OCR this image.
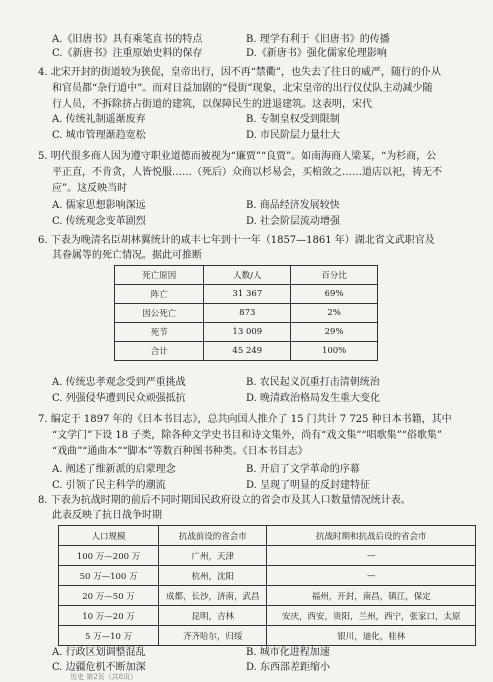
A.《旧唐书》具有乘笔直书的特点	B. 理学有利于《旧唐书》的传播
C.《新唐书》注重原始史料的保存	D.《新唐书》强化儒家伦理影响
4. 北宋开封的街道较为狭促，皇帝出行，因不再“禁衢”，也失去了往日的威严，随行的仆从
和官员都“杂行道中”。而对日益加剧的“侵街”现象，北宋皇帝的出行仪仗队主动减少随
行人员，不拆除挤占街道的建筑，以保障民生的进退建筑。这表明，宋代
A. 传统礼制遥渐废弃	B. 专制皇权受到限制
C. 城市管理渐趋宽松	D. 市民阶层力量壮大
5. 明代很多商人因为遵守职业道德而被视为“廉贾”“良贾”。如南海商人梁某，“为杉商，公
平正直，不肯贪，人皆悦服……（死后）众商以杉易会，买棺敛之……道店以祀，祷无不
应”。这反映当时
A. 儒家思想影响深远	B. 商品经济发展较快
C. 传统观念变革剧烈	D. 社会阶层流动增强
6. 下表为晚清名臣胡林翼统计的咸丰七年到十一年（1857—1861 年）湖北省文武职官及
其眷属等的死亡情况。据此可推断
死亡原因	人数/人	百分比
阵亡	31 367	69%
因公死亡	873	2%
死节	13 009	29%
合计	45 249	100%
A. 传统忠孝观念受到严重挑战	B. 农民起义沉重打击清朝统治
C. 列强侵华遭到民众顽强抵抗	D. 晚清政治格局发生重大变化
7. 编定于 1897 年的《日本书目志》，总共向国人推介了 15 门共计 7 725 种日本书籍，其中
“文学门”下设 18 子类，除各种文学史书目和诗文集外，尚有“戏文集”“唱歌集”“俗歌集”
“戏曲”“通曲本”“脚本”等数百种图书种类。《日本书目志》
A. 阐述了维新派的启蒙理念	B. 开启了文学革命的序幕
C. 引领了民主科学的潮流	D. 呈现了明显的反封建特征
8. 下表为抗战时期的前后不同时期国民政府设立的省会市及其人口数量情况统计表。
此表反映了抗日战争时期
人口规模	抗战前设的省会市	抗战时期和抗战后设的省会市
100 万—200 万	广州，天津	—
50 万—100 万	杭州，沈阳	—
20 万—50 万	成都，长沙，济南，武昌	福州，开封，南昌，镇江，保定
10 万—20 万	昆明，吉林	安庆，西安，贵阳，兰州，西宁，张家口，太原
5 万—10 万	齐齐哈尔，归绥	银川，迪化，桂林
A. 行政区划调整混乱	B. 城市化进程加速
C. 边疆危机不断加深	D. 东西部差距缩小
历史 第2页（共8页）
